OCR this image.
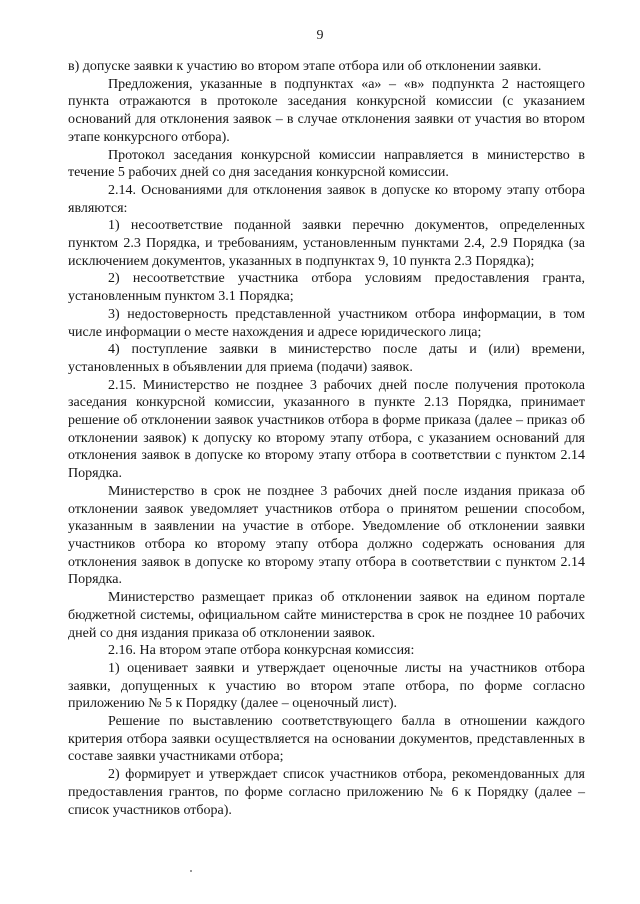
9

в) допуске заявки к участию во втором этапе отбора или об отклонении заявки.

Предложения, указанные в подпунктах «а» – «в» подпункта 2 настоящего пункта отражаются в протоколе заседания конкурсной комиссии (с указанием оснований для отклонения заявок – в случае отклонения заявки от участия во втором этапе конкурсного отбора).

Протокол заседания конкурсной комиссии направляется в министерство в течение 5 рабочих дней со дня заседания конкурсной комиссии.

2.14. Основаниями для отклонения заявок в допуске ко второму этапу отбора являются:

1) несоответствие поданной заявки перечню документов, определенных пунктом 2.3 Порядка, и требованиям, установленным пунктами 2.4, 2.9 Порядка (за исключением документов, указанных в подпунктах 9, 10 пункта 2.3 Порядка);

2) несоответствие участника отбора условиям предоставления гранта, установленным пунктом 3.1 Порядка;

3) недостоверность представленной участником отбора информации, в том числе информации о месте нахождения и адресе юридического лица;

4) поступление заявки в министерство после даты и (или) времени, установленных в объявлении для приема (подачи) заявок.

2.15. Министерство не позднее 3 рабочих дней после получения протокола заседания конкурсной комиссии, указанного в пункте 2.13 Порядка, принимает решение об отклонении заявок участников отбора в форме приказа (далее – приказ об отклонении заявок) к допуску ко второму этапу отбора, с указанием оснований для отклонения заявок в допуске ко второму этапу отбора в соответствии с пунктом 2.14 Порядка.

Министерство в срок не позднее 3 рабочих дней после издания приказа об отклонении заявок уведомляет участников отбора о принятом решении способом, указанным в заявлении на участие в отборе. Уведомление об отклонении заявки участников отбора ко второму этапу отбора должно содержать основания для отклонения заявок в допуске ко второму этапу отбора в соответствии с пунктом 2.14 Порядка.

Министерство размещает приказ об отклонении заявок на едином портале бюджетной системы, официальном сайте министерства в срок не позднее 10 рабочих дней со дня издания приказа об отклонении заявок.

2.16. На втором этапе отбора конкурсная комиссия:

1) оценивает заявки и утверждает оценочные листы на участников отбора заявки, допущенных к участию во втором этапе отбора, по форме согласно приложению № 5 к Порядку (далее – оценочный лист).

Решение по выставлению соответствующего балла в отношении каждого критерия отбора заявки осуществляется на основании документов, представленных в составе заявки участниками отбора;

2) формирует и утверждает список участников отбора, рекомендованных для предоставления грантов, по форме согласно приложению № 6 к Порядку (далее – список участников отбора).
